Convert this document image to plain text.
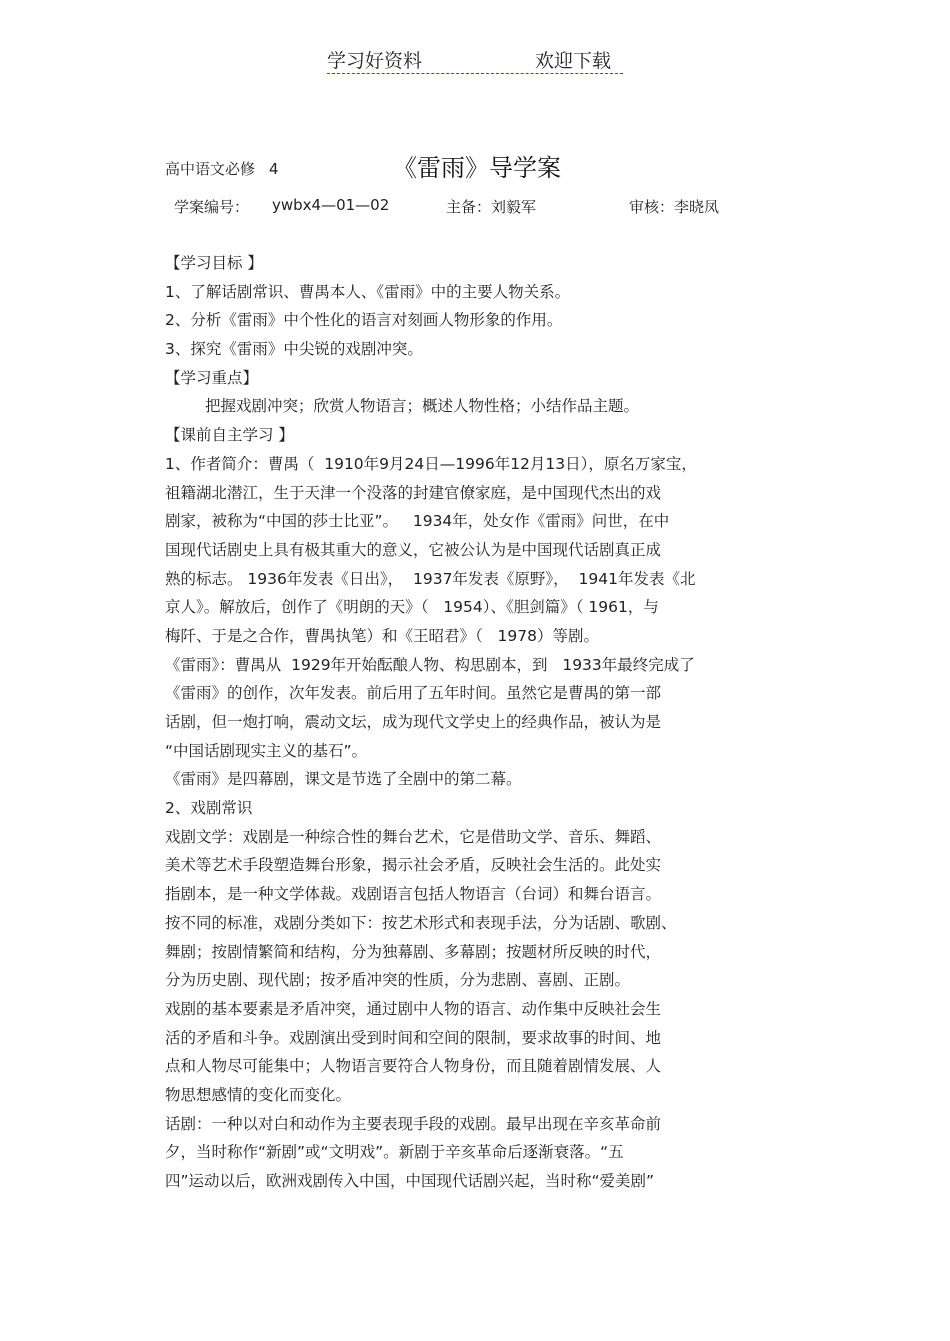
学习好资料	欢迎下载
高中语文必修 4	《雷雨》导学案
学案编号： ywbx4—01—02	主备：刘毅军	审核：李晓凤
【学习目标 】
1、了解话剧常识、曹禺本人、《雷雨》中的主要人物关系。
2、分析《雷雨》中个性化的语言对刻画人物形象的作用。
3、探究《雷雨》中尖锐的戏剧冲突。
【学习重点】
把握戏剧冲突；欣赏人物语言；概述人物性格；小结作品主题。
【课前自主学习 】
1、作者简介：曹禺（  1910年9月24日—1996年12月13日），原名万家宝，
祖籍湖北潜江，生于天津一个没落的封建官僚家庭，是中国现代杰出的戏
剧家，被称为“中国的莎士比亚”。   1934年，处女作《雷雨》问世，在中
国现代话剧史上具有极其重大的意义，它被公认为是中国现代话剧真正成
熟的标志。 1936年发表《日出》，  1937年发表《原野》，  1941年发表《北
京人》。解放后，创作了《明朗的天》（   1954）、《胆剑篇》（ 1961，与
梅阡、于是之合作，曹禺执笔）和《王昭君》（   1978）等剧。
《雷雨》：曹禺从  1929年开始酝酿人物、构思剧本，到   1933年最终完成了
《雷雨》的创作，次年发表。前后用了五年时间。虽然它是曹禺的第一部
话剧，但一炮打响，震动文坛，成为现代文学史上的经典作品，被认为是
“中国话剧现实主义的基石”。
《雷雨》是四幕剧，课文是节选了全剧中的第二幕。
2、戏剧常识
戏剧文学：戏剧是一种综合性的舞台艺术，它是借助文学、音乐、舞蹈、
美术等艺术手段塑造舞台形象，揭示社会矛盾，反映社会生活的。此处实
指剧本，是一种文学体裁。戏剧语言包括人物语言（台词）和舞台语言。
按不同的标准，戏剧分类如下：按艺术形式和表现手法，分为话剧、歌剧、
舞剧；按剧情繁简和结构，分为独幕剧、多幕剧；按题材所反映的时代，
分为历史剧、现代剧；按矛盾冲突的性质，分为悲剧、喜剧、正剧。
戏剧的基本要素是矛盾冲突，通过剧中人物的语言、动作集中反映社会生
活的矛盾和斗争。戏剧演出受到时间和空间的限制，要求故事的时间、地
点和人物尽可能集中；人物语言要符合人物身份，而且随着剧情发展、人
物思想感情的变化而变化。
话剧：一种以对白和动作为主要表现手段的戏剧。最早出现在辛亥革命前
夕，当时称作“新剧”或“文明戏”。新剧于辛亥革命后逐渐衰落。“五
四”运动以后，欧洲戏剧传入中国，中国现代话剧兴起，当时称“爱美剧”
